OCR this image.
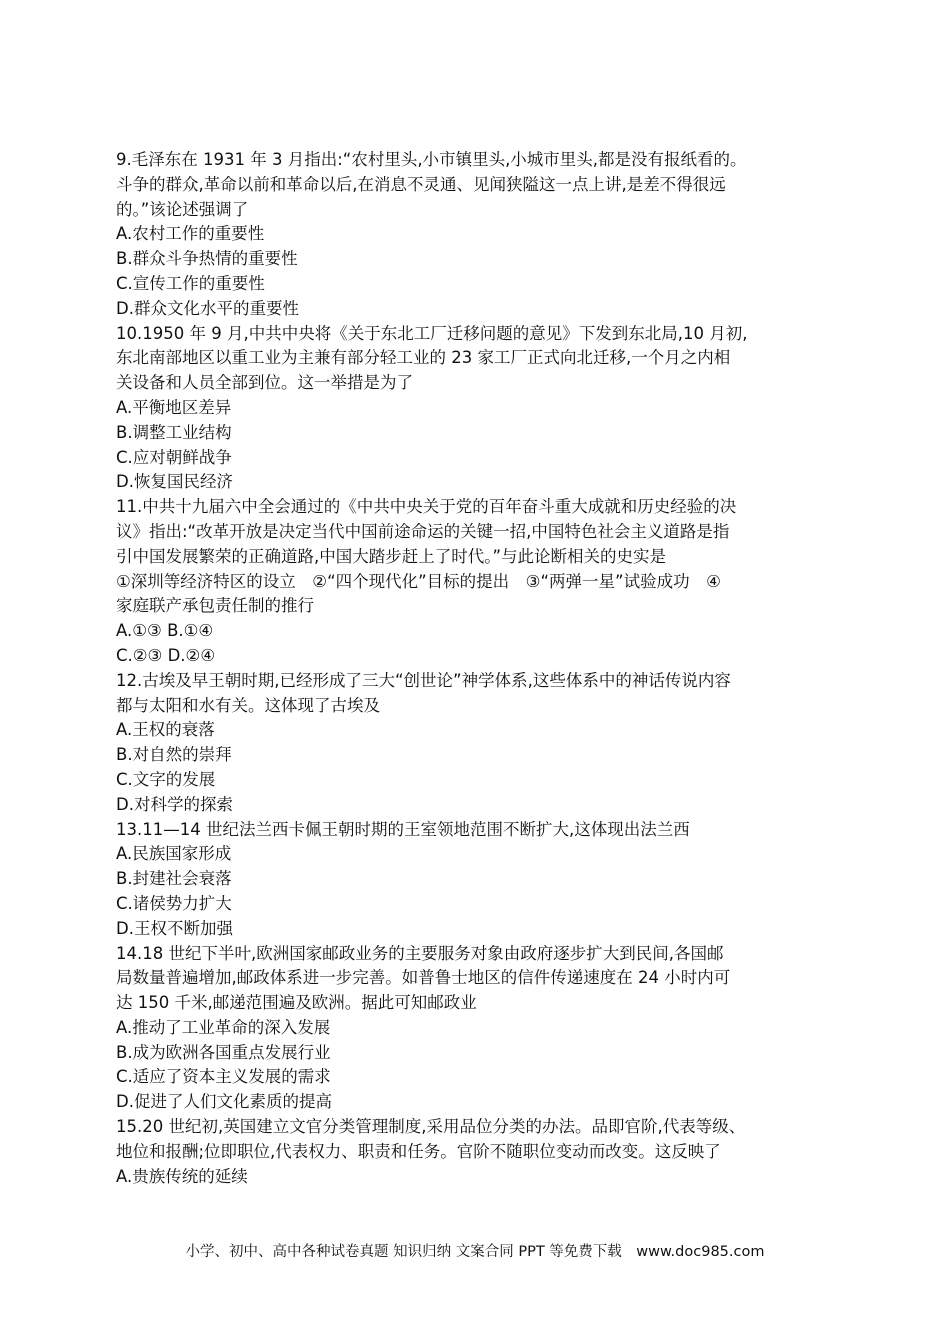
9.毛泽东在 1931 年 3 月指出:“农村里头,小市镇里头,小城市里头,都是没有报纸看的。
斗争的群众,革命以前和革命以后,在消息不灵通、见闻狭隘这一点上讲,是差不得很远
的。”该论述强调了
A.农村工作的重要性
B.群众斗争热情的重要性
C.宣传工作的重要性
D.群众文化水平的重要性
10.1950 年 9 月,中共中央将《关于东北工厂迁移问题的意见》下发到东北局,10 月初,
东北南部地区以重工业为主兼有部分轻工业的 23 家工厂正式向北迁移,一个月之内相
关设备和人员全部到位。这一举措是为了
A.平衡地区差异
B.调整工业结构
C.应对朝鲜战争
D.恢复国民经济
11.中共十九届六中全会通过的《中共中央关于党的百年奋斗重大成就和历史经验的决
议》指出:“改革开放是决定当代中国前途命运的关键一招,中国特色社会主义道路是指
引中国发展繁荣的正确道路,中国大踏步赶上了时代。”与此论断相关的史实是
①深圳等经济特区的设立　②“四个现代化”目标的提出　③“两弹一星”试验成功　④
家庭联产承包责任制的推行
A.①③ B.①④
C.②③ D.②④
12.古埃及早王朝时期,已经形成了三大“创世论”神学体系,这些体系中的神话传说内容
都与太阳和水有关。这体现了古埃及
A.王权的衰落
B.对自然的崇拜
C.文字的发展
D.对科学的探索
13.11—14 世纪法兰西卡佩王朝时期的王室领地范围不断扩大,这体现出法兰西
A.民族国家形成
B.封建社会衰落
C.诸侯势力扩大
D.王权不断加强
14.18 世纪下半叶,欧洲国家邮政业务的主要服务对象由政府逐步扩大到民间,各国邮
局数量普遍增加,邮政体系进一步完善。如普鲁士地区的信件传递速度在 24 小时内可
达 150 千米,邮递范围遍及欧洲。据此可知邮政业
A.推动了工业革命的深入发展
B.成为欧洲各国重点发展行业
C.适应了资本主义发展的需求
D.促进了人们文化素质的提高
15.20 世纪初,英国建立文官分类管理制度,采用品位分类的办法。品即官阶,代表等级、
地位和报酬;位即职位,代表权力、职责和任务。官阶不随职位变动而改变。这反映了
A.贵族传统的延续
小学、初中、高中各种试卷真题 知识归纳 文案合同 PPT 等免费下载　www.doc985.com
